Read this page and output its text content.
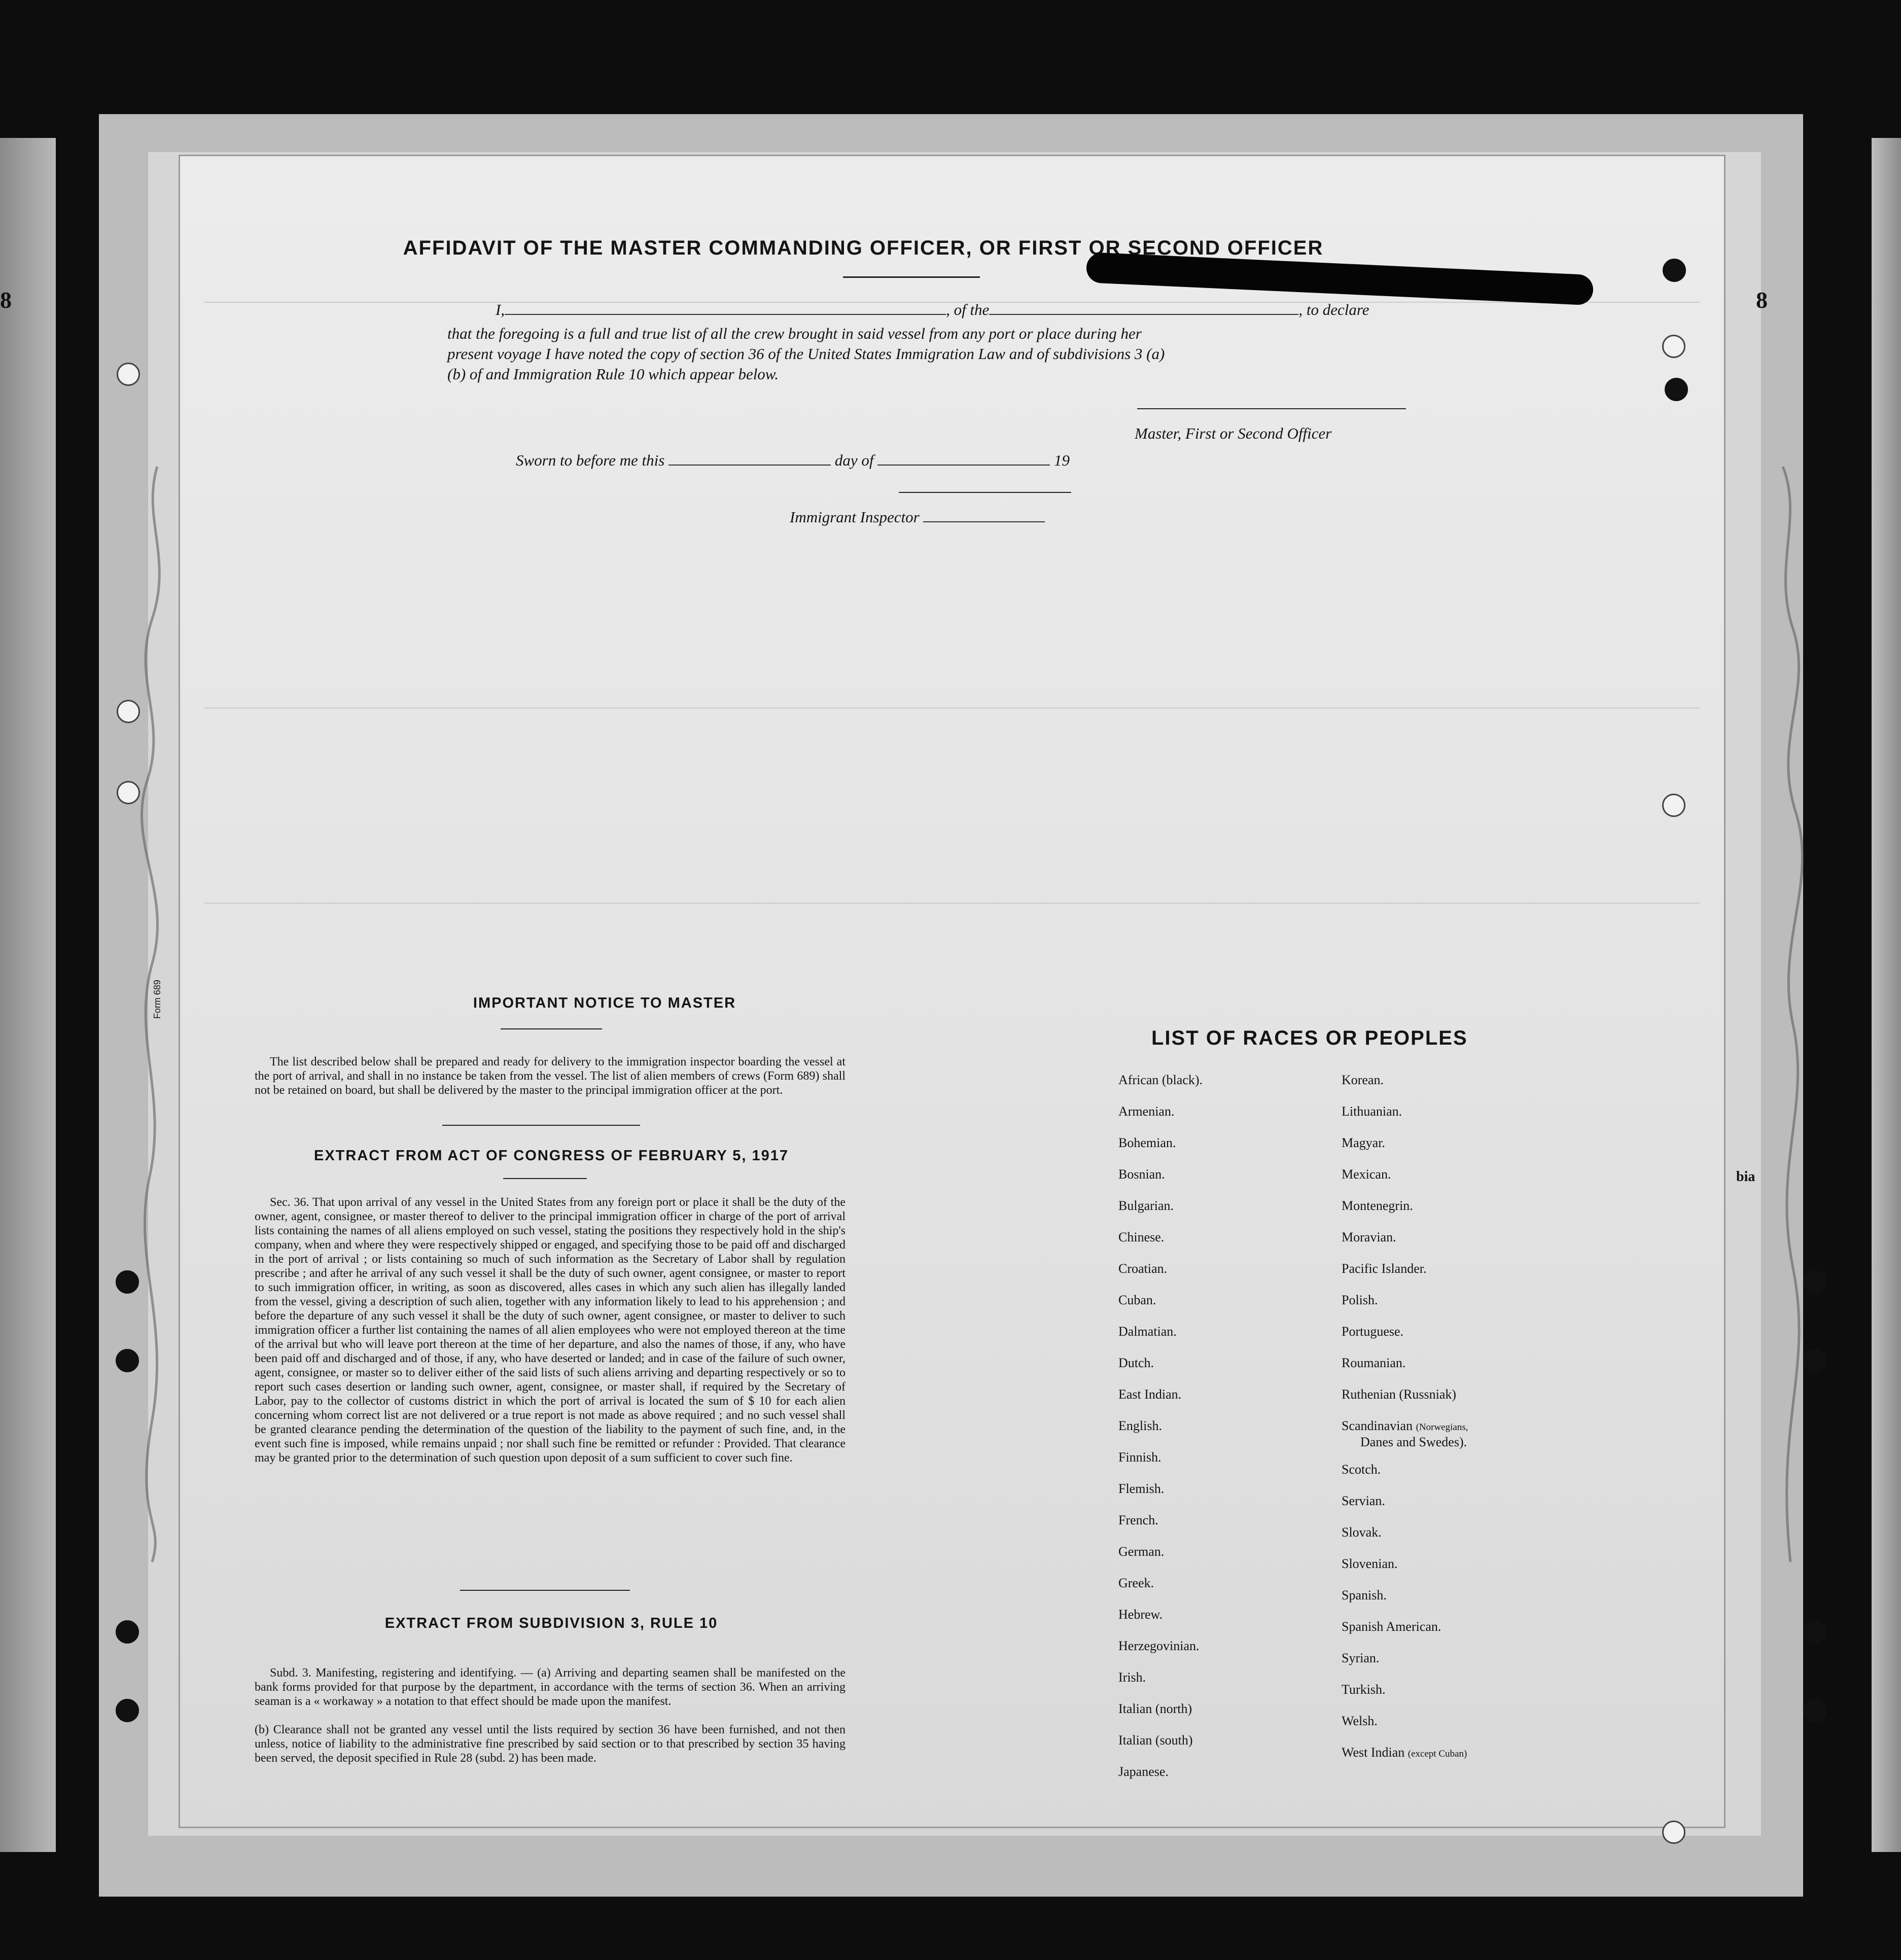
AFFIDAVIT OF THE MASTER COMMANDING OFFICER, OR FIRST OR SECOND OFFICER
I,	, of the	, to declare
that the foregoing is a full and true list of all the crew brought in said vessel from any port or place during her
present voyage I have noted the copy of section 36 of the United States Immigration Law and of subdivisions 3 (a)
(b) of and Immigration Rule 10 which appear below.
Master, First or Second Officer
Sworn to before me this	day of	19
Immigrant Inspector
Form 689	IMPORTANT NOTICE TO MASTER
The list described below shall be prepared and ready for delivery to the immigration inspector boarding the vessel at the port of arrival, and shall in no instance be taken from the vessel. The list of alien members of crews (Form 689) shall not be retained on board, but shall be delivered by the master to the principal immigration officer at the port.
EXTRACT FROM ACT OF CONGRESS OF FEBRUARY 5, 1917
Sec. 36. That upon arrival of any vessel in the United States from any foreign port or place it shall be the duty of the owner, agent, consignee, or master thereof to deliver to the principal immigration officer in charge of the port of arrival lists containing the names of all aliens employed on such vessel, stating the positions they respectively hold in the ship's company, when and where they were respectively shipped or engaged, and specifying those to be paid off and discharged in the port of arrival ; or lists containing so much of such information as the Secretary of Labor shall by regulation prescribe ; and after he arrival of any such vessel it shall be the duty of such owner, agent consignee, or master to report to such immigration officer, in writing, as soon as discovered, alles cases in which any such alien has illegally landed from the vessel, giving a description of such alien, together with any information likely to lead to his apprehension ; and before the departure of any such vessel it shall be the duty of such owner, agent consignee, or master to deliver to such immigration officer a further list containing the names of all alien employees who were not employed thereon at the time of the arrival but who will leave port thereon at the time of her departure, and also the names of those, if any, who have been paid off and discharged and of those, if any, who have deserted or landed; and in case of the failure of such owner, agent, consignee, or master so to deliver either of the said lists of such aliens arriving and departing respectively or so to report such cases desertion or landing such owner, agent, consignee, or master shall, if required by the Secretary of Labor, pay to the collector of customs district in which the port of arrival is located the sum of $ 10 for each alien concerning whom correct list are not delivered or a true report is not made as above required ; and no such vessel shall be granted clearance pending the determination of the question of the liability to the payment of such fine, and, in the event such fine is imposed, while remains unpaid ; nor shall such fine be remitted or refunder : Provided. That clearance may be granted prior to the determination of such question upon deposit of a sum sufficient to cover such fine.
EXTRACT FROM SUBDIVISION 3, RULE 10
Subd. 3. Manifesting, registering and identifying. — (a) Arriving and departing seamen shall be manifested on the bank forms provided for that purpose by the department, in accordance with the terms of section 36. When an arriving seaman is a « workaway » a notation to that effect should be made upon the manifest.
(b) Clearance shall not be granted any vessel until the lists required by section 36 have been furnished, and not then unless, notice of liability to the administrative fine prescribed by said section or to that prescribed by section 35 having been served, the deposit specified in Rule 28 (subd. 2) has been made.
LIST OF RACES OR PEOPLES
African (black).
Armenian.
Bohemian.
Bosnian.
Bulgarian.
Chinese.
Croatian.
Cuban.
Dalmatian.
Dutch.
East Indian.
English.
Finnish.
Flemish.
French.
German.
Greek.
Hebrew.
Herzegovinian.
Irish.
Italian (north)
Italian (south)
Japanese.
Korean.
Lithuanian.
Magyar.
Mexican.
Montenegrin.
Moravian.
Pacific Islander.
Polish.
Portuguese.
Roumanian.
Ruthenian (Russniak)
Scandinavian (Norwegians,
Danes and Swedes).
Scotch.
Servian.
Slovak.
Slovenian.
Spanish.
Spanish American.
Syrian.
Turkish.
Welsh.
West Indian (except Cuban)
8	8
bia
